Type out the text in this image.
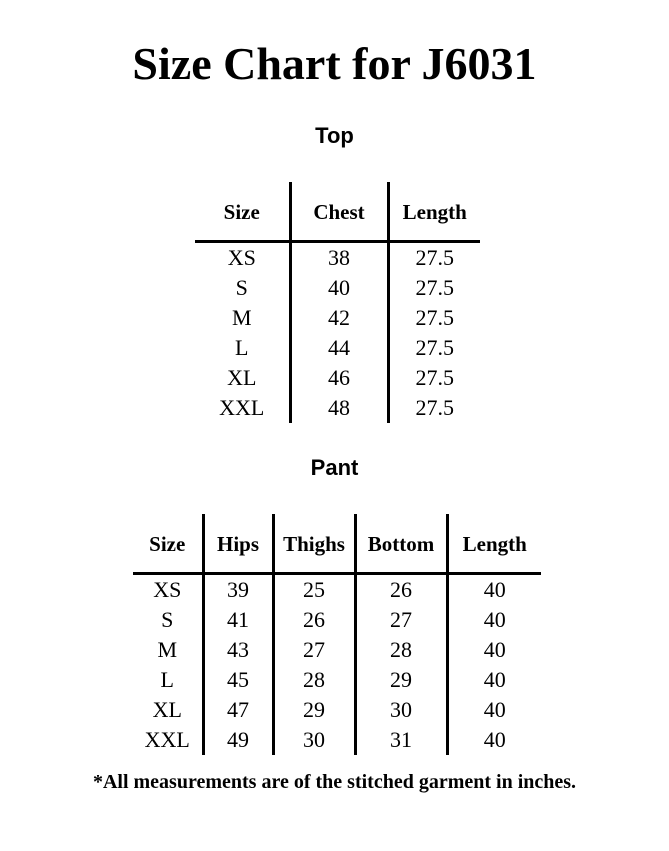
Size Chart for J6031
Top
Size	Chest	Length
XS	38	27.5
S	40	27.5
M	42	27.5
L	44	27.5
XL	46	27.5
XXL	48	27.5
Pant
Size	Hips	Thighs	Bottom	Length
XS	39	25	26	40
S	41	26	27	40
M	43	27	28	40
L	45	28	29	40
XL	47	29	30	40
XXL	49	30	31	40
*All measurements are of the stitched garment in inches.
